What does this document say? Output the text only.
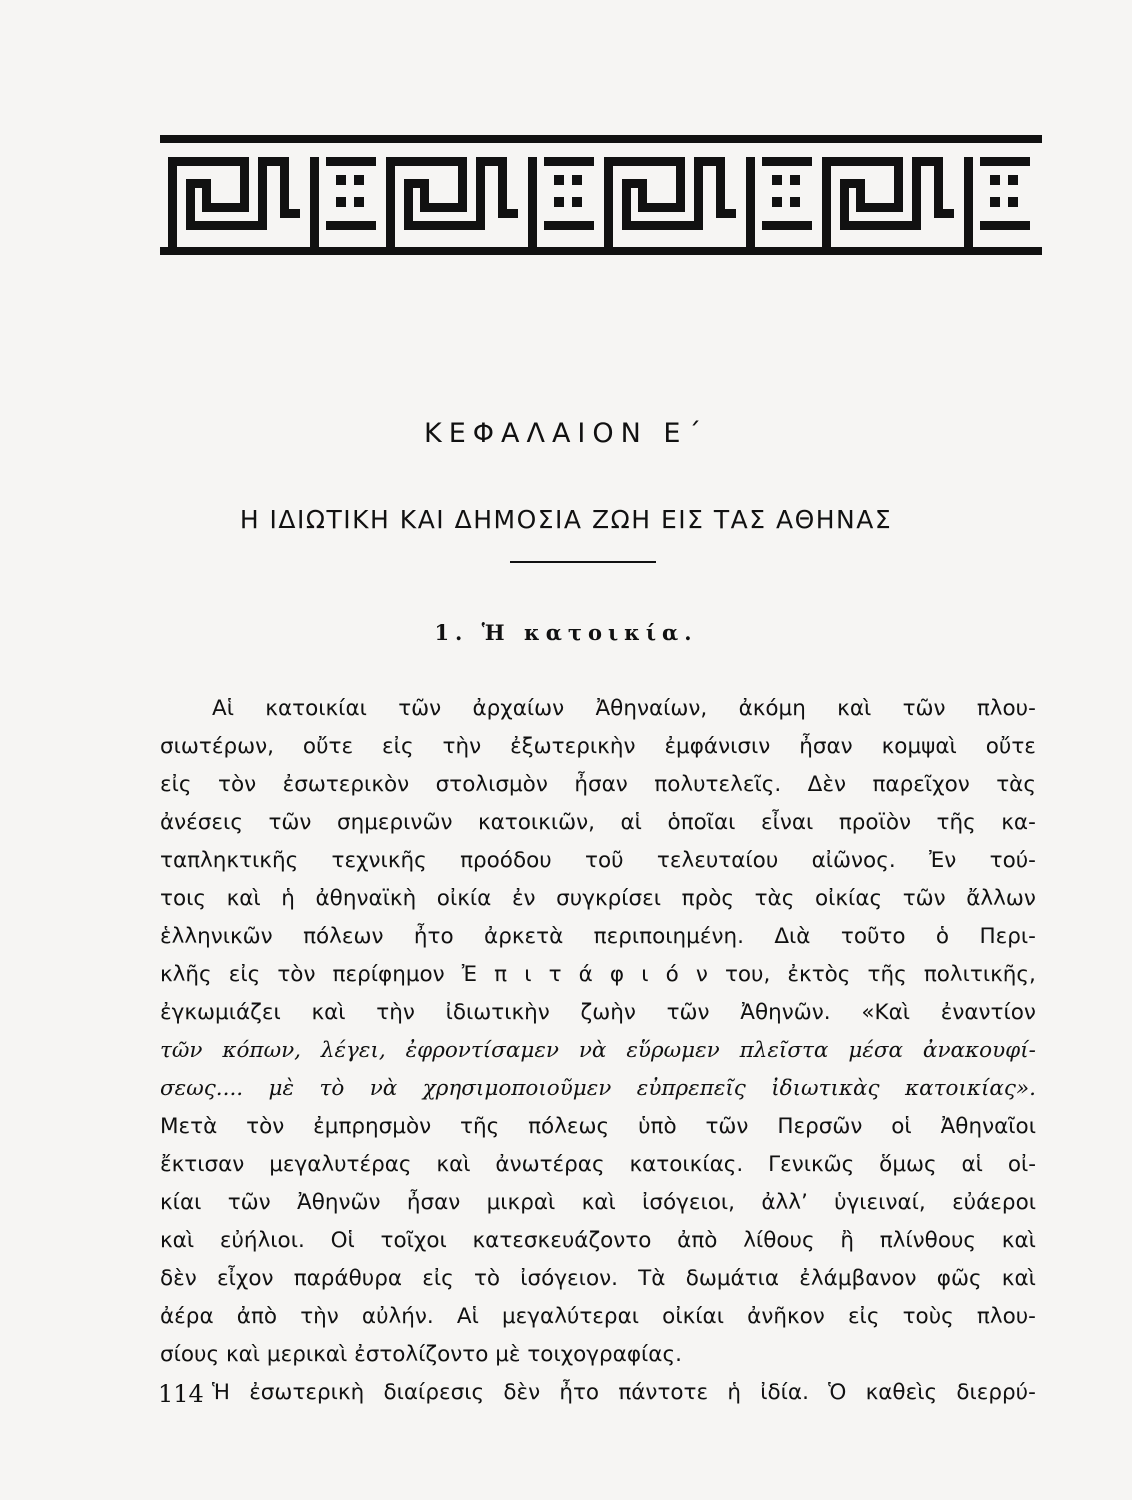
ΚΕΦΑΛΑΙΟΝ Ε΄
Η ΙΔΙΩΤΙΚΗ ΚΑΙ ΔΗΜΟΣΙΑ ΖΩΗ ΕΙΣ ΤΑΣ ΑΘΗΝΑΣ
1. Ἡ κατοικία.
Αἱ κατοικίαι τῶν ἀρχαίων Ἀθηναίων, ἀκόμη καὶ τῶν πλου-
σιωτέρων, οὔτε εἰς τὴν ἐξωτερικὴν ἐμφάνισιν ἦσαν κομψαὶ οὔτε
εἰς τὸν ἐσωτερικὸν στολισμὸν ἦσαν πολυτελεῖς. Δὲν παρεῖχον τὰς
ἀνέσεις τῶν σημερινῶν κατοικιῶν, αἱ ὁποῖαι εἶναι προϊὸν τῆς κα-
ταπληκτικῆς τεχνικῆς προόδου τοῦ τελευταίου αἰῶνος. Ἐν τού-
τοις καὶ ἡ ἀθηναϊκὴ οἰκία ἐν συγκρίσει πρὸς τὰς οἰκίας τῶν ἄλλων
ἑλληνικῶν πόλεων ἦτο ἀρκετὰ περιποιημένη. Διὰ τοῦτο ὁ Περι-
κλῆς εἰς τὸν περίφημον Ἐ π ι τ ά φ ι ό ν του, ἐκτὸς τῆς πολιτικῆς,
ἐγκωμιάζει καὶ τὴν ἰδιωτικὴν ζωὴν τῶν Ἀθηνῶν. «Καὶ ἐναντίον
τῶν κόπων, λέγει, ἐφροντίσαμεν νὰ εὕρωμεν πλεῖστα μέσα ἀνακουφί-
σεως.... μὲ τὸ νὰ χρησιμοποιοῦμεν εὐπρεπεῖς ἰδιωτικὰς κατοικίας».
Μετὰ τὸν ἐμπρησμὸν τῆς πόλεως ὑπὸ τῶν Περσῶν οἱ Ἀθηναῖοι
ἔκτισαν μεγαλυτέρας καὶ ἀνωτέρας κατοικίας. Γενικῶς ὅμως αἱ οἰ-
κίαι τῶν Ἀθηνῶν ἦσαν μικραὶ καὶ ἰσόγειοι, ἀλλ’ ὑγιειναί, εὐάεροι
καὶ εὐήλιοι. Οἱ τοῖχοι κατεσκευάζοντο ἀπὸ λίθους ἢ πλίνθους καὶ
δὲν εἶχον παράθυρα εἰς τὸ ἰσόγειον. Τὰ δωμάτια ἐλάμβανον φῶς καὶ
ἀέρα ἀπὸ τὴν αὐλήν. Αἱ μεγαλύτεραι οἰκίαι ἀνῆκον εἰς τοὺς πλου-
σίους καὶ μερικαὶ ἐστολίζοντο μὲ τοιχογραφίας.
Ἡ ἐσωτερικὴ διαίρεσις δὲν ἦτο πάντοτε ἡ ἰδία. Ὁ καθεὶς διερρύ-
114
